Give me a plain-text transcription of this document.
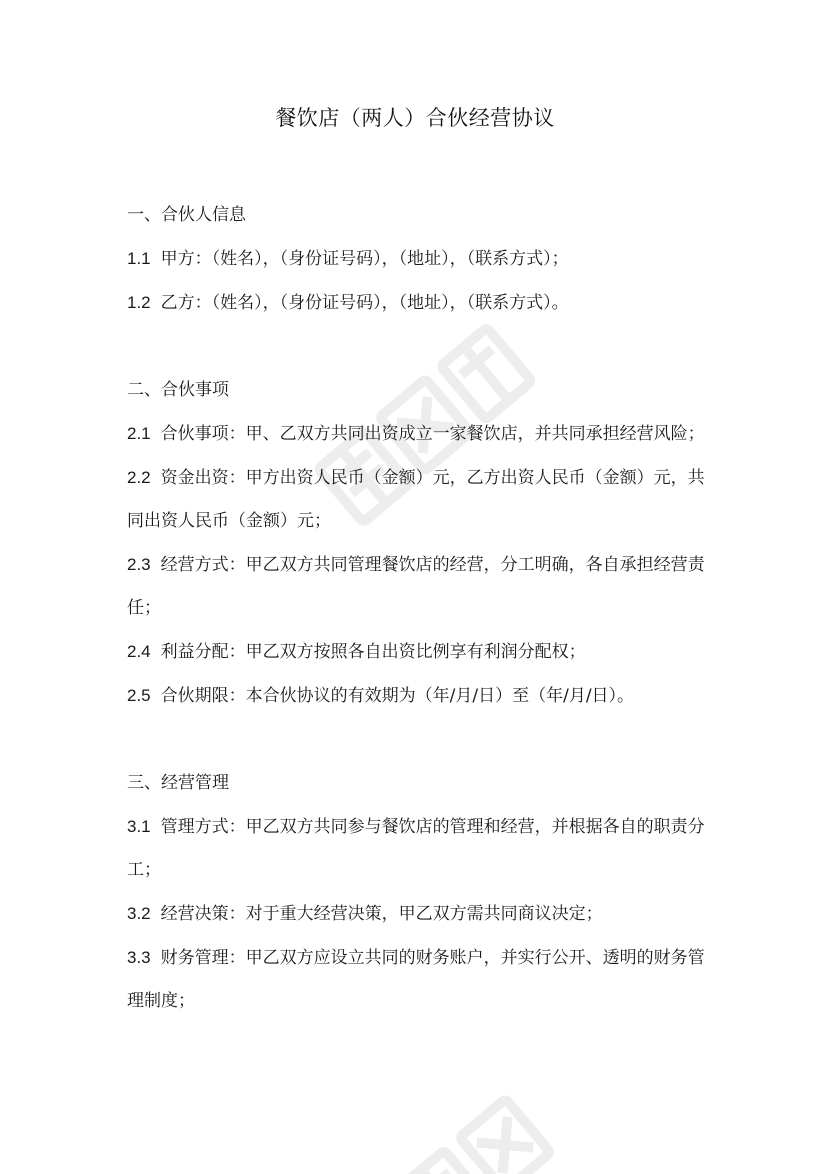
餐饮店（两人）合伙经营协议
一、合伙人信息
1.1 甲方：（姓名），（身份证号码），（地址），（联系方式）；
1.2 乙方：（姓名），（身份证号码），（地址），（联系方式）。
二、合伙事项
2.1 合伙事项：甲、乙双方共同出资成立一家餐饮店，并共同承担经营风险；
2.2 资金出资：甲方出资人民币（金额）元，乙方出资人民币（金额）元，共同出资人民币（金额）元；
2.3 经营方式：甲乙双方共同管理餐饮店的经营，分工明确，各自承担经营责任；
2.4 利益分配：甲乙双方按照各自出资比例享有利润分配权；
2.5 合伙期限：本合伙协议的有效期为（年/月/日）至（年/月/日）。
三、经营管理
3.1 管理方式：甲乙双方共同参与餐饮店的管理和经营，并根据各自的职责分工；
3.2 经营决策：对于重大经营决策，甲乙双方需共同商议决定；
3.3 财务管理：甲乙双方应设立共同的财务账户，并实行公开、透明的财务管理制度；
